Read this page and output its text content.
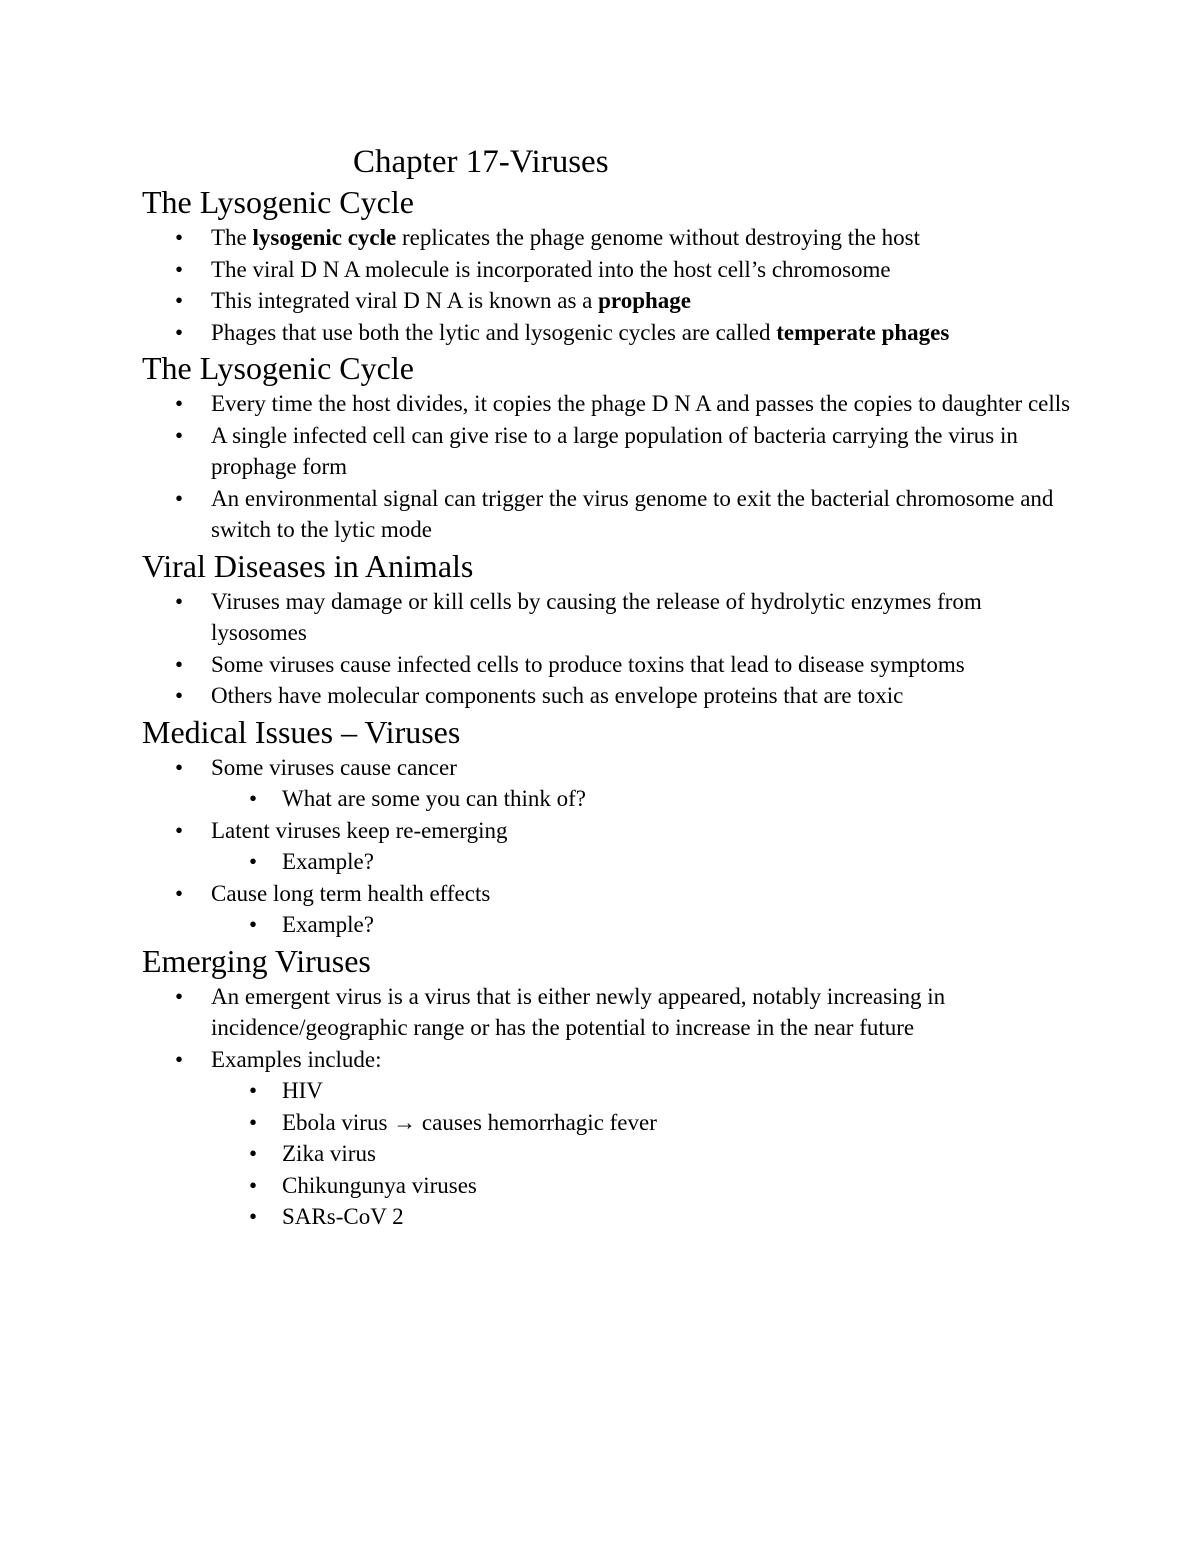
Chapter 17-Viruses
The Lysogenic Cycle
• The lysogenic cycle replicates the phage genome without destroying the host
• The viral D N A molecule is incorporated into the host cell’s chromosome
• This integrated viral D N A is known as a prophage
• Phages that use both the lytic and lysogenic cycles are called temperate phages
The Lysogenic Cycle
• Every time the host divides, it copies the phage D N A and passes the copies to daughter cells
• A single infected cell can give rise to a large population of bacteria carrying the virus in prophage form
• An environmental signal can trigger the virus genome to exit the bacterial chromosome and switch to the lytic mode
Viral Diseases in Animals
• Viruses may damage or kill cells by causing the release of hydrolytic enzymes from lysosomes
• Some viruses cause infected cells to produce toxins that lead to disease symptoms
• Others have molecular components such as envelope proteins that are toxic
Medical Issues – Viruses
• Some viruses cause cancer
• What are some you can think of?
• Latent viruses keep re-emerging
• Example?
• Cause long term health effects
• Example?
Emerging Viruses
• An emergent virus is a virus that is either newly appeared, notably increasing in incidence/geographic range or has the potential to increase in the near future
• Examples include:
• HIV
• Ebola virus → causes hemorrhagic fever
• Zika virus
• Chikungunya viruses
• SARs-CoV 2
